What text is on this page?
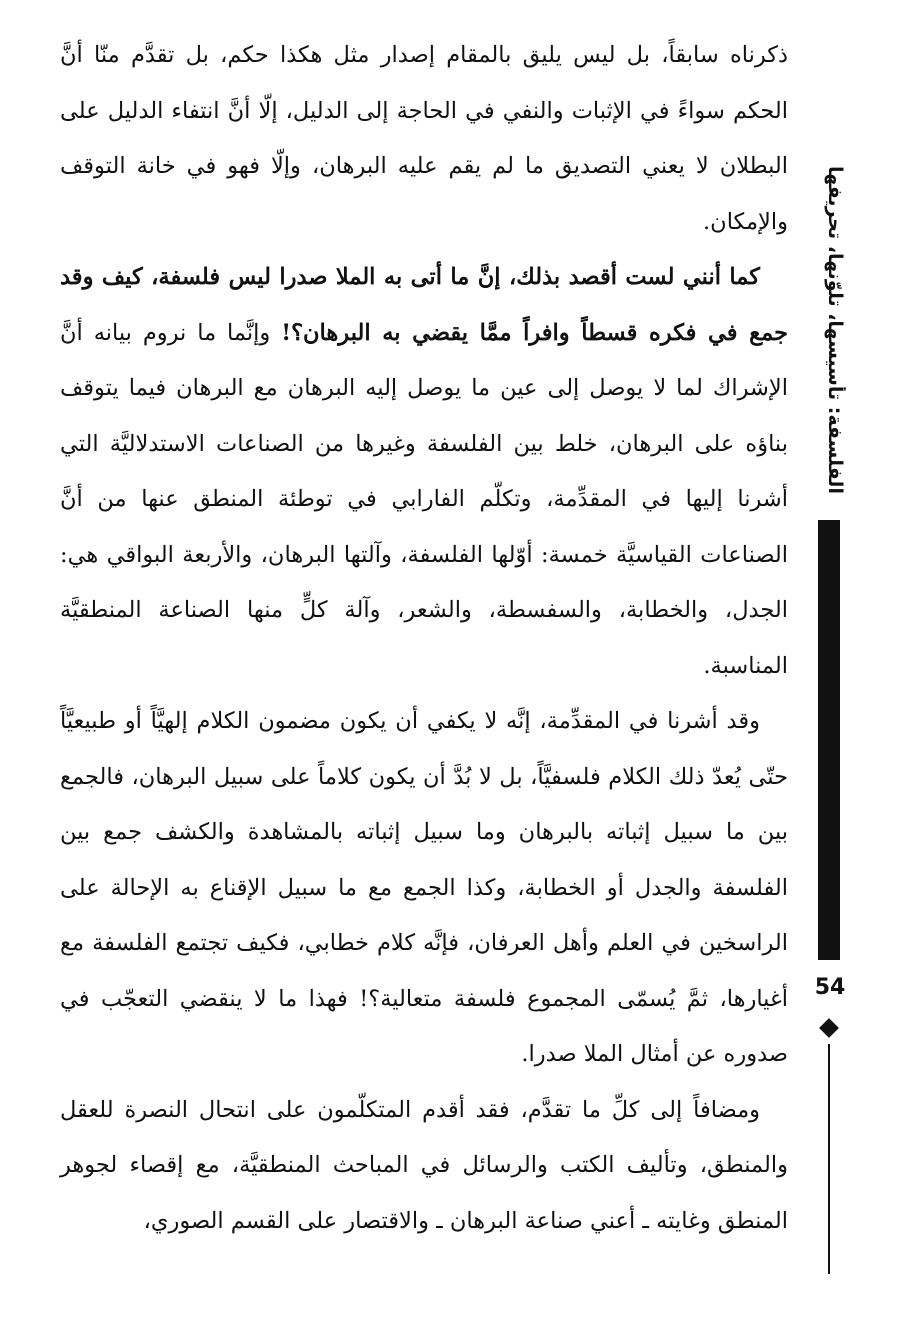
ذكرناه سابقاً، بل ليس يليق بالمقام إصدار مثل هكذا حكم، بل تقدَّم منّا أنَّ الحكم سواءً في الإثبات والنفي في الحاجة إلى الدليل، إلّا أنَّ انتفاء الدليل على البطلان لا يعني التصديق ما لم يقم عليه البرهان، وإلّا فهو في خانة التوقف والإمكان.

كما أنني لست أقصد بذلك، إنَّ ما أتى به الملا صدرا ليس فلسفة، كيف وقد جمع في فكره قسطاً وافراً ممَّا يقضي به البرهان؟! وإنَّما ما نروم بيانه أنَّ الإشراك لما لا يوصل إلى عين ما يوصل إليه البرهان مع البرهان فيما يتوقف بناؤه على البرهان، خلط بين الفلسفة وغيرها من الصناعات الاستدلاليَّة التي أشرنا إليها في المقدِّمة، وتكلّم الفارابي في توطئة المنطق عنها من أنَّ الصناعات القياسيَّة خمسة: أوّلها الفلسفة، وآلتها البرهان، والأربعة البواقي هي: الجدل، والخطابة، والسفسطة، والشعر، وآلة كلٍّ منها الصناعة المنطقيَّة المناسبة.

وقد أشرنا في المقدِّمة، إنَّه لا يكفي أن يكون مضمون الكلام إلهيَّاً أو طبيعيَّاً حتّى يُعدّ ذلك الكلام فلسفيَّاً، بل لا بُدَّ أن يكون كلاماً على سبيل البرهان، فالجمع بين ما سبيل إثباته بالبرهان وما سبيل إثباته بالمشاهدة والكشف جمع بين الفلسفة والجدل أو الخطابة، وكذا الجمع مع ما سبيل الإقناع به الإحالة على الراسخين في العلم وأهل العرفان، فإنَّه كلام خطابي، فكيف تجتمع الفلسفة مع أغيارها، ثمَّ يُسمّى المجموع فلسفة متعالية؟! فهذا ما لا ينقضي التعجّب في صدوره عن أمثال الملا صدرا.

ومضافاً إلى كلِّ ما تقدَّم، فقد أقدم المتكلّمون على انتحال النصرة للعقل والمنطق، وتأليف الكتب والرسائل في المباحث المنطقيَّة، مع إقصاء لجوهر المنطق وغايته ـ أعني صناعة البرهان ـ والاقتصار على القسم الصوري،

الفلسفة: تأسيسها، تلوّنها، تحريفها
54
